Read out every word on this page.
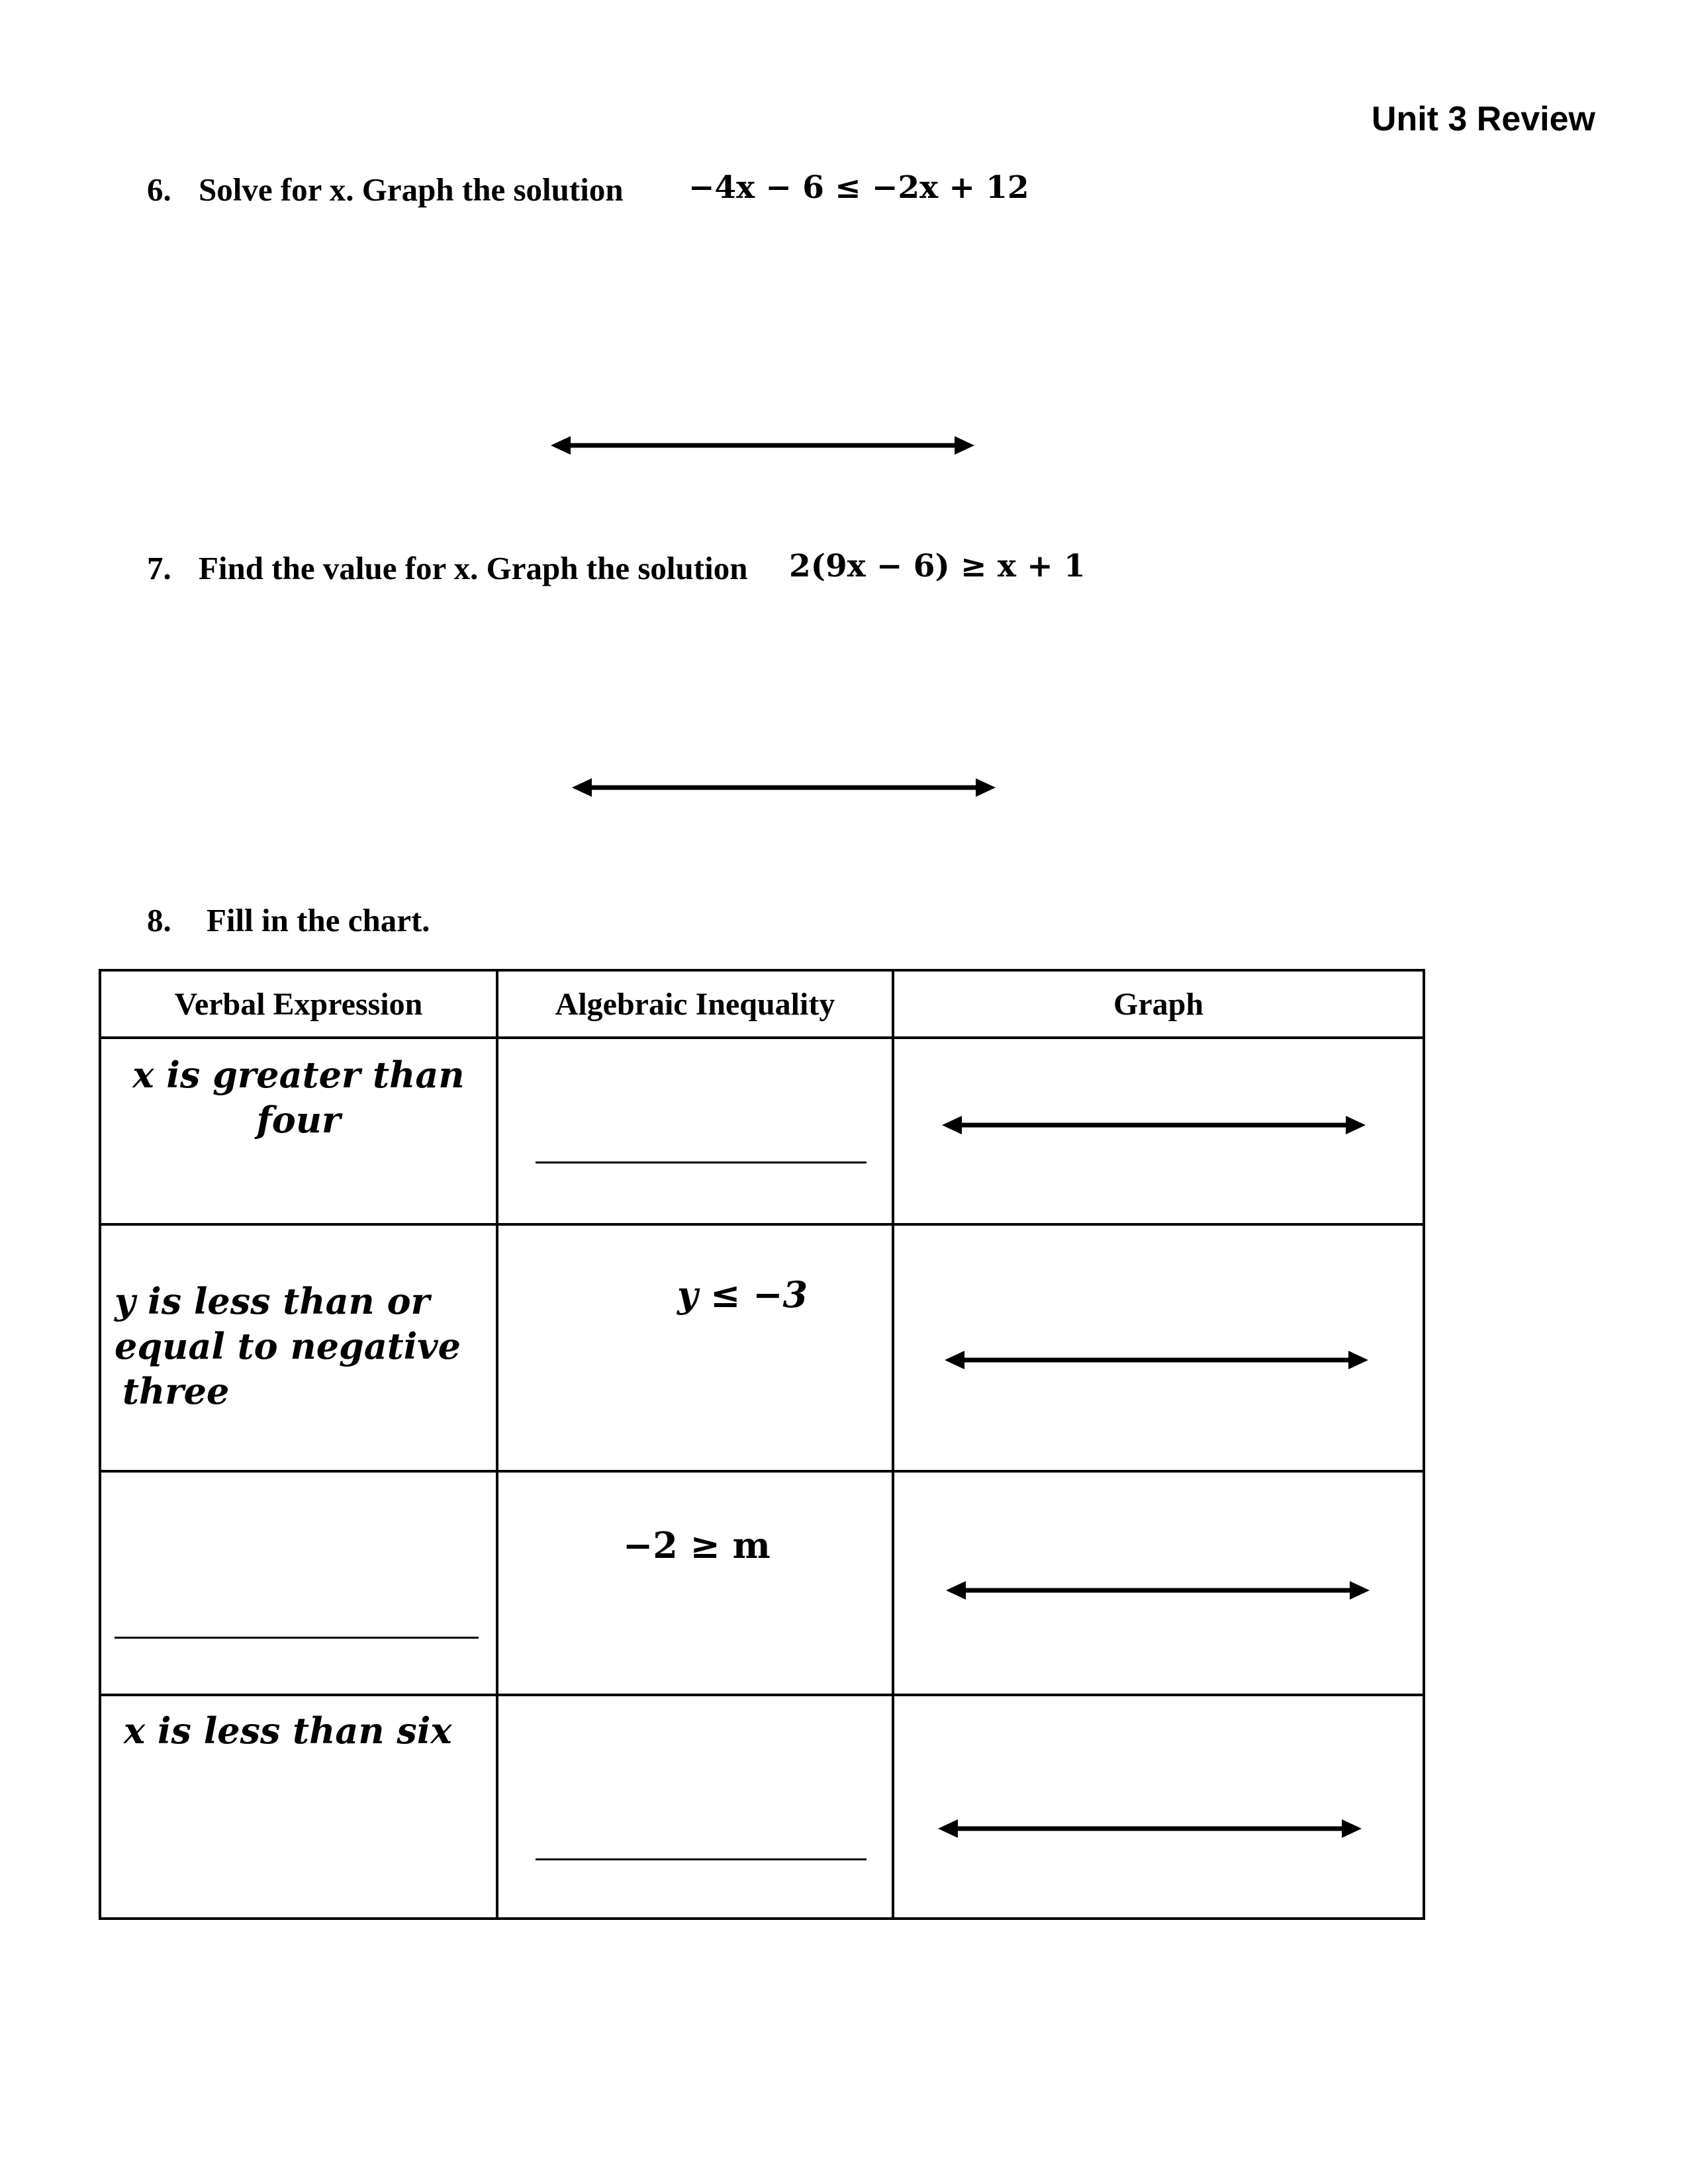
Unit 3 Review
6. Solve for x. Graph the solution −4x − 6 ≤ −2x + 12
7. Find the value for x. Graph the solution 2(9x − 6) ≥ x + 1
8. Fill in the chart.
Verbal Expression	Algebraic Inequality	Graph

x is greater than
four

y is less than or
equal to negative
three	y ≤ −3

	−2 ≥ m

x is less than six
